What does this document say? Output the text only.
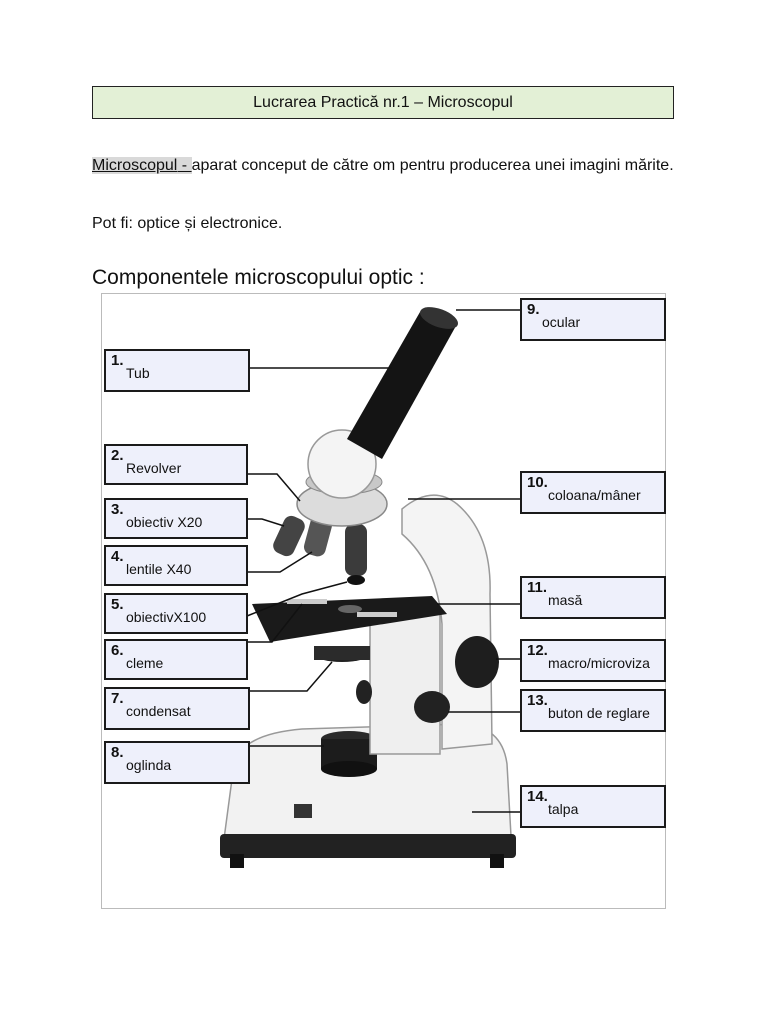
Lucrarea Practică nr.1 – Microscopul
Microscopul - aparat conceput de către om pentru producerea unei imagini mărite.
Pot fi: optice și electronice.
Componentele microscopului optic :
1.
Tub
2.
Revolver
3.
obiectiv X20
4.
lentile X40
5.
obiectivX100
6.
cleme
7.
condensat
8.
oglinda
9.
ocular
10.
coloana/mâner
11.
masă
12.
macro/microviza
13.
buton de reglare
14.
talpa
